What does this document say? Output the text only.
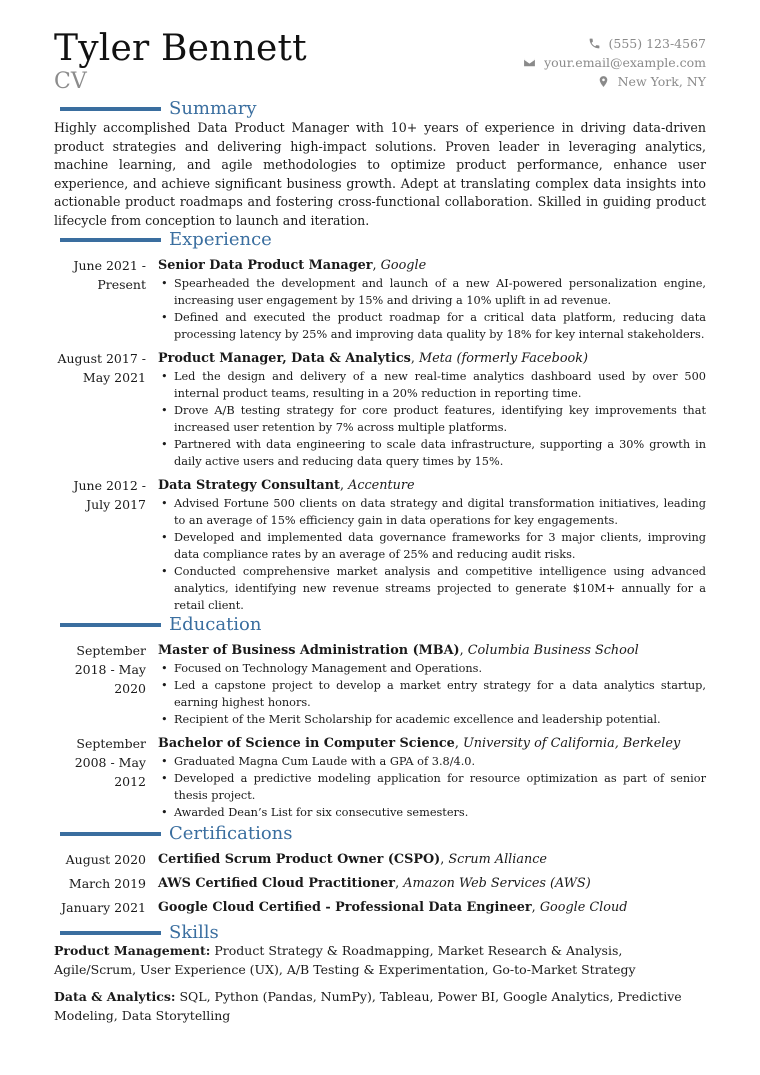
Tyler Bennett
CV
(555) 123-4567
your.email@example.com
New York, NY
Summary

Highly accomplished Data Product Manager with 10+ years of experience in driving data-driven product strategies and delivering high-impact solutions. Proven leader in leveraging analytics, machine learning, and agile methodologies to optimize product performance, enhance user experience, and achieve significant business growth. Adept at translating complex data insights into actionable product roadmaps and fostering cross-functional collaboration. Skilled in guiding product lifecycle from conception to launch and iteration.

Experience
June 2021 - Present
Senior Data Product Manager, Google
• Spearheaded the development and launch of a new AI-powered personalization engine, increasing user engagement by 15% and driving a 10% uplift in ad revenue.
• Defined and executed the product roadmap for a critical data platform, reducing data processing latency by 25% and improving data quality by 18% for key internal stakeholders.
August 2017 - May 2021
Product Manager, Data & Analytics, Meta (formerly Facebook)
• Led the design and delivery of a new real-time analytics dashboard used by over 500 internal product teams, resulting in a 20% reduction in reporting time.
• Drove A/B testing strategy for core product features, identifying key improvements that increased user retention by 7% across multiple platforms.
• Partnered with data engineering to scale data infrastructure, supporting a 30% growth in daily active users and reducing data query times by 15%.
June 2012 - July 2017
Data Strategy Consultant, Accenture
• Advised Fortune 500 clients on data strategy and digital transformation initiatives, leading to an average of 15% efficiency gain in data operations for key engagements.
• Developed and implemented data governance frameworks for 3 major clients, improving data compliance rates by an average of 25% and reducing audit risks.
• Conducted comprehensive market analysis and competitive intelligence using advanced analytics, identifying new revenue streams projected to generate $10M+ annually for a retail client.
Education
September 2018 - May 2020
Master of Business Administration (MBA), Columbia Business School
• Focused on Technology Management and Operations.
• Led a capstone project to develop a market entry strategy for a data analytics startup, earning highest honors.
• Recipient of the Merit Scholarship for academic excellence and leadership potential.
September 2008 - May 2012
Bachelor of Science in Computer Science, University of California, Berkeley
• Graduated Magna Cum Laude with a GPA of 3.8/4.0.
• Developed a predictive modeling application for resource optimization as part of senior thesis project.
• Awarded Dean’s List for six consecutive semesters.
Certifications
August 2020 Certified Scrum Product Owner (CSPO), Scrum Alliance
March 2019 AWS Certified Cloud Practitioner, Amazon Web Services (AWS)
January 2021 Google Cloud Certified - Professional Data Engineer, Google Cloud
Skills

Product Management: Product Strategy & Roadmapping, Market Research & Analysis, Agile/Scrum, User Experience (UX), A/B Testing & Experimentation, Go-to-Market Strategy

Data & Analytics: SQL, Python (Pandas, NumPy), Tableau, Power BI, Google Analytics, Predictive Modeling, Data Storytelling
